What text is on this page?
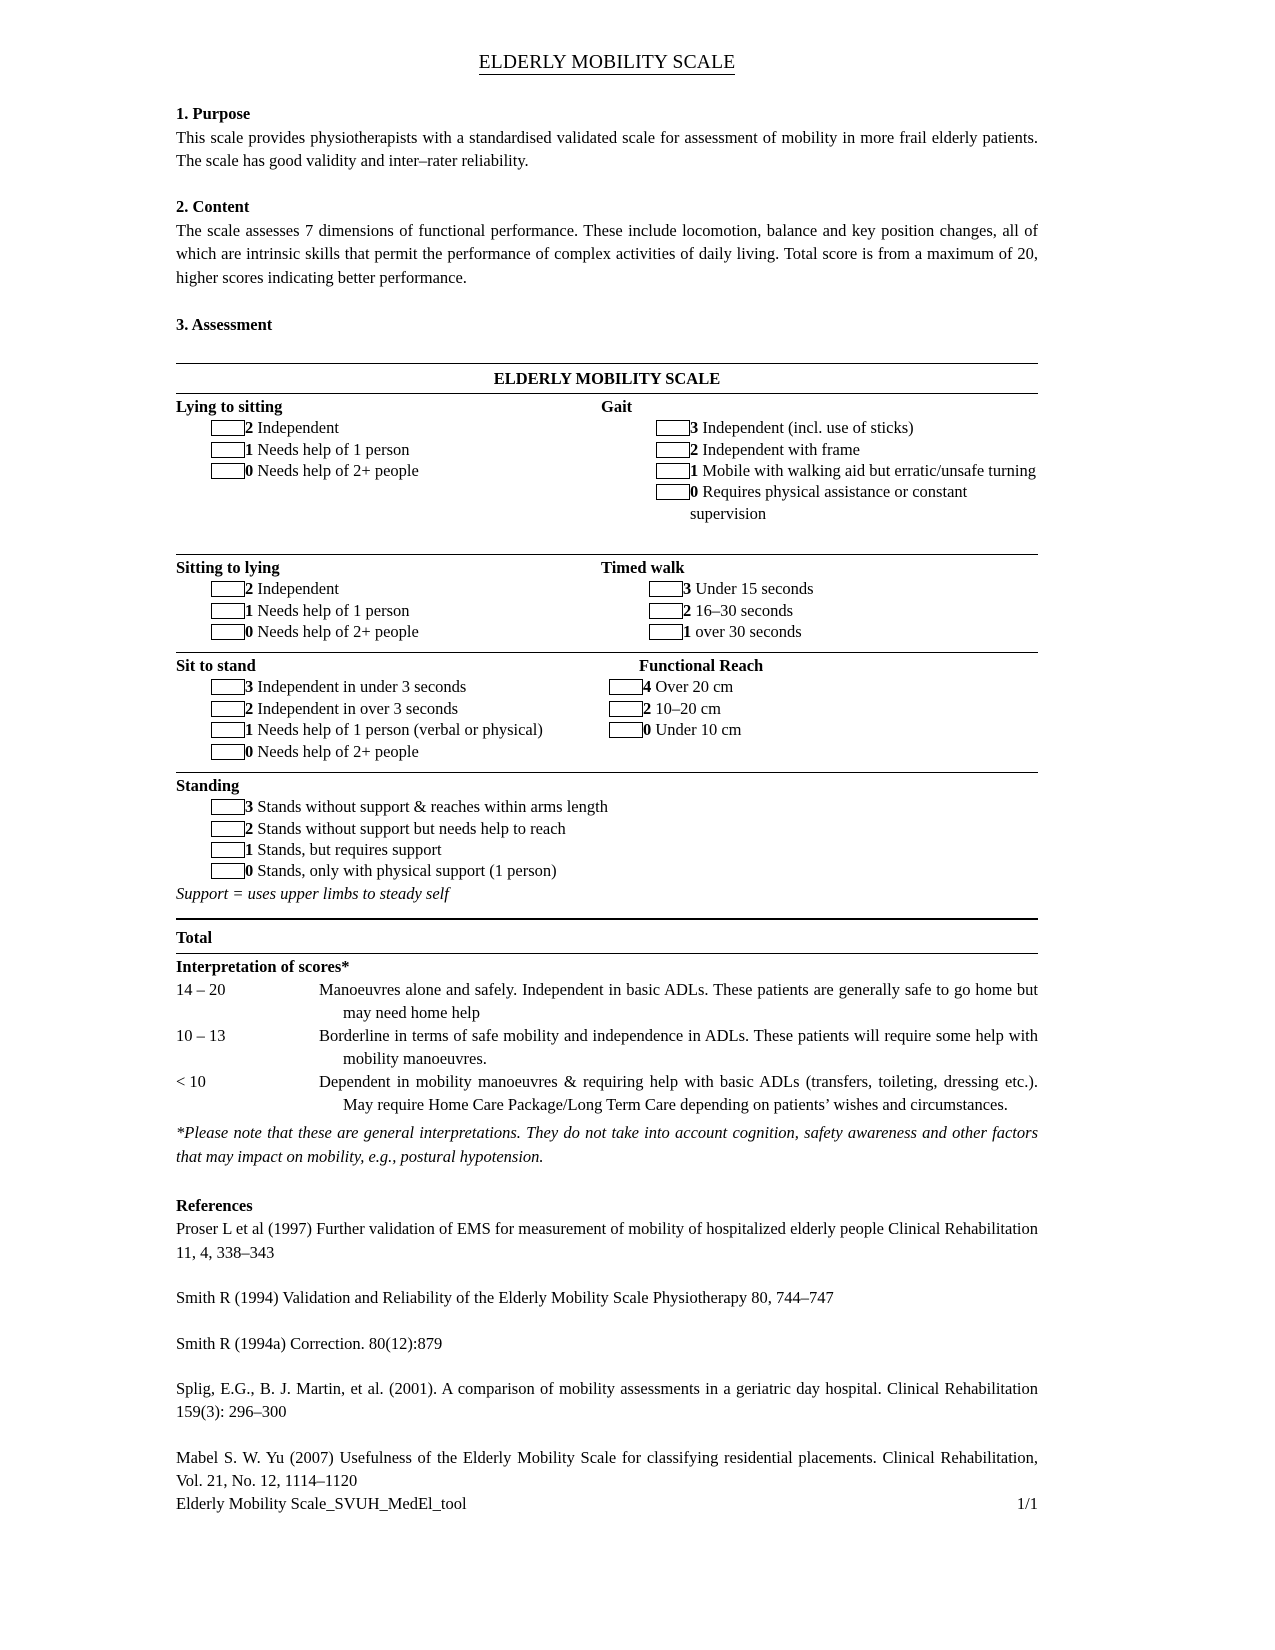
ELDERLY MOBILITY SCALE
1. Purpose
This scale provides physiotherapists with a standardised validated scale for assessment of mobility in more frail elderly patients. The scale has good validity and inter–rater reliability.
2. Content
The scale assesses 7 dimensions of functional performance. These include locomotion, balance and key position changes, all of which are intrinsic skills that permit the performance of complex activities of daily living. Total score is from a maximum of 20, higher scores indicating better performance.
3. Assessment
ELDERLY MOBILITY SCALE
Lying to sitting
2 Independent
1 Needs help of 1 person
0 Needs help of 2+ people
Gait
3 Independent (incl. use of sticks)
2 Independent with frame
1 Mobile with walking aid but erratic/unsafe turning
0 Requires physical assistance or constant supervision
Sitting to lying
2 Independent
1 Needs help of 1 person
0 Needs help of 2+ people
Timed walk
3 Under 15 seconds
2 16–30 seconds
1 over 30 seconds
Sit to stand
3 Independent in under 3 seconds
2 Independent in over 3 seconds
1 Needs help of 1 person (verbal or physical)
0 Needs help of 2+ people
Functional Reach
4 Over 20 cm
2 10–20 cm
0 Under 10 cm
Standing
3 Stands without support & reaches within arms length
2 Stands without support but needs help to reach
1 Stands, but requires support
0 Stands, only with physical support (1 person)
Support = uses upper limbs to steady self
Total
Interpretation of scores*
14 – 20	Manoeuvres alone and safely. Independent in basic ADLs. These patients are generally safe to go home but may need home help
10 – 13	Borderline in terms of safe mobility and independence in ADLs. These patients will require some help with mobility manoeuvres.
< 10	Dependent in mobility manoeuvres & requiring help with basic ADLs (transfers, toileting, dressing etc.). May require Home Care Package/Long Term Care depending on patients’ wishes and circumstances.
*Please note that these are general interpretations. They do not take into account cognition, safety awareness and other factors that may impact on mobility, e.g., postural hypotension.
References
Proser L et al (1997) Further validation of EMS for measurement of mobility of hospitalized elderly people Clinical Rehabilitation 11, 4, 338–343
Smith R (1994) Validation and Reliability of the Elderly Mobility Scale Physiotherapy 80, 744–747
Smith R (1994a) Correction. 80(12):879
Splig, E.G., B. J. Martin, et al. (2001). A comparison of mobility assessments in a geriatric day hospital. Clinical Rehabilitation 159(3): 296–300
Mabel S. W. Yu (2007) Usefulness of the Elderly Mobility Scale for classifying residential placements. Clinical Rehabilitation, Vol. 21, No. 12, 1114–1120
Elderly Mobility Scale_SVUH_MedEl_tool	1/1
